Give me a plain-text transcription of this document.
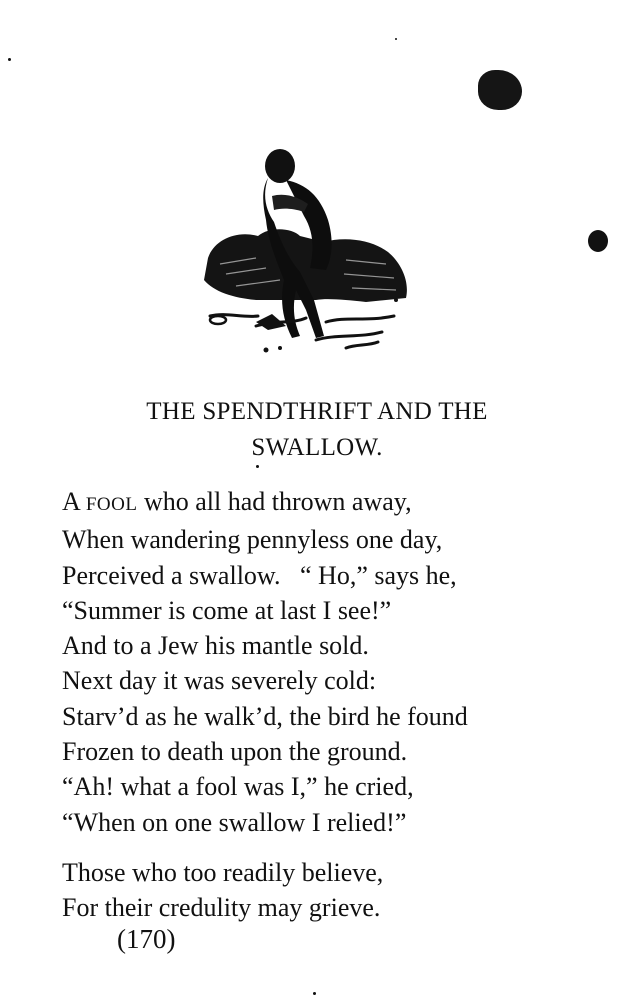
THE SPENDTHRIFT AND THE
SWALLOW.
A FOOL who all had thrown away,
When wandering pennyless one day,
Perceived a swallow.   “ Ho,” says he,
“Summer is come at last I see!”
And to a Jew his mantle sold.
Next day it was severely cold:
Starv’d as he walk’d, the bird he found
Frozen to death upon the ground.
“Ah! what a fool was I,” he cried,
“When on one swallow I relied!”
Those who too readily believe,
For their credulity may grieve.
(170)
